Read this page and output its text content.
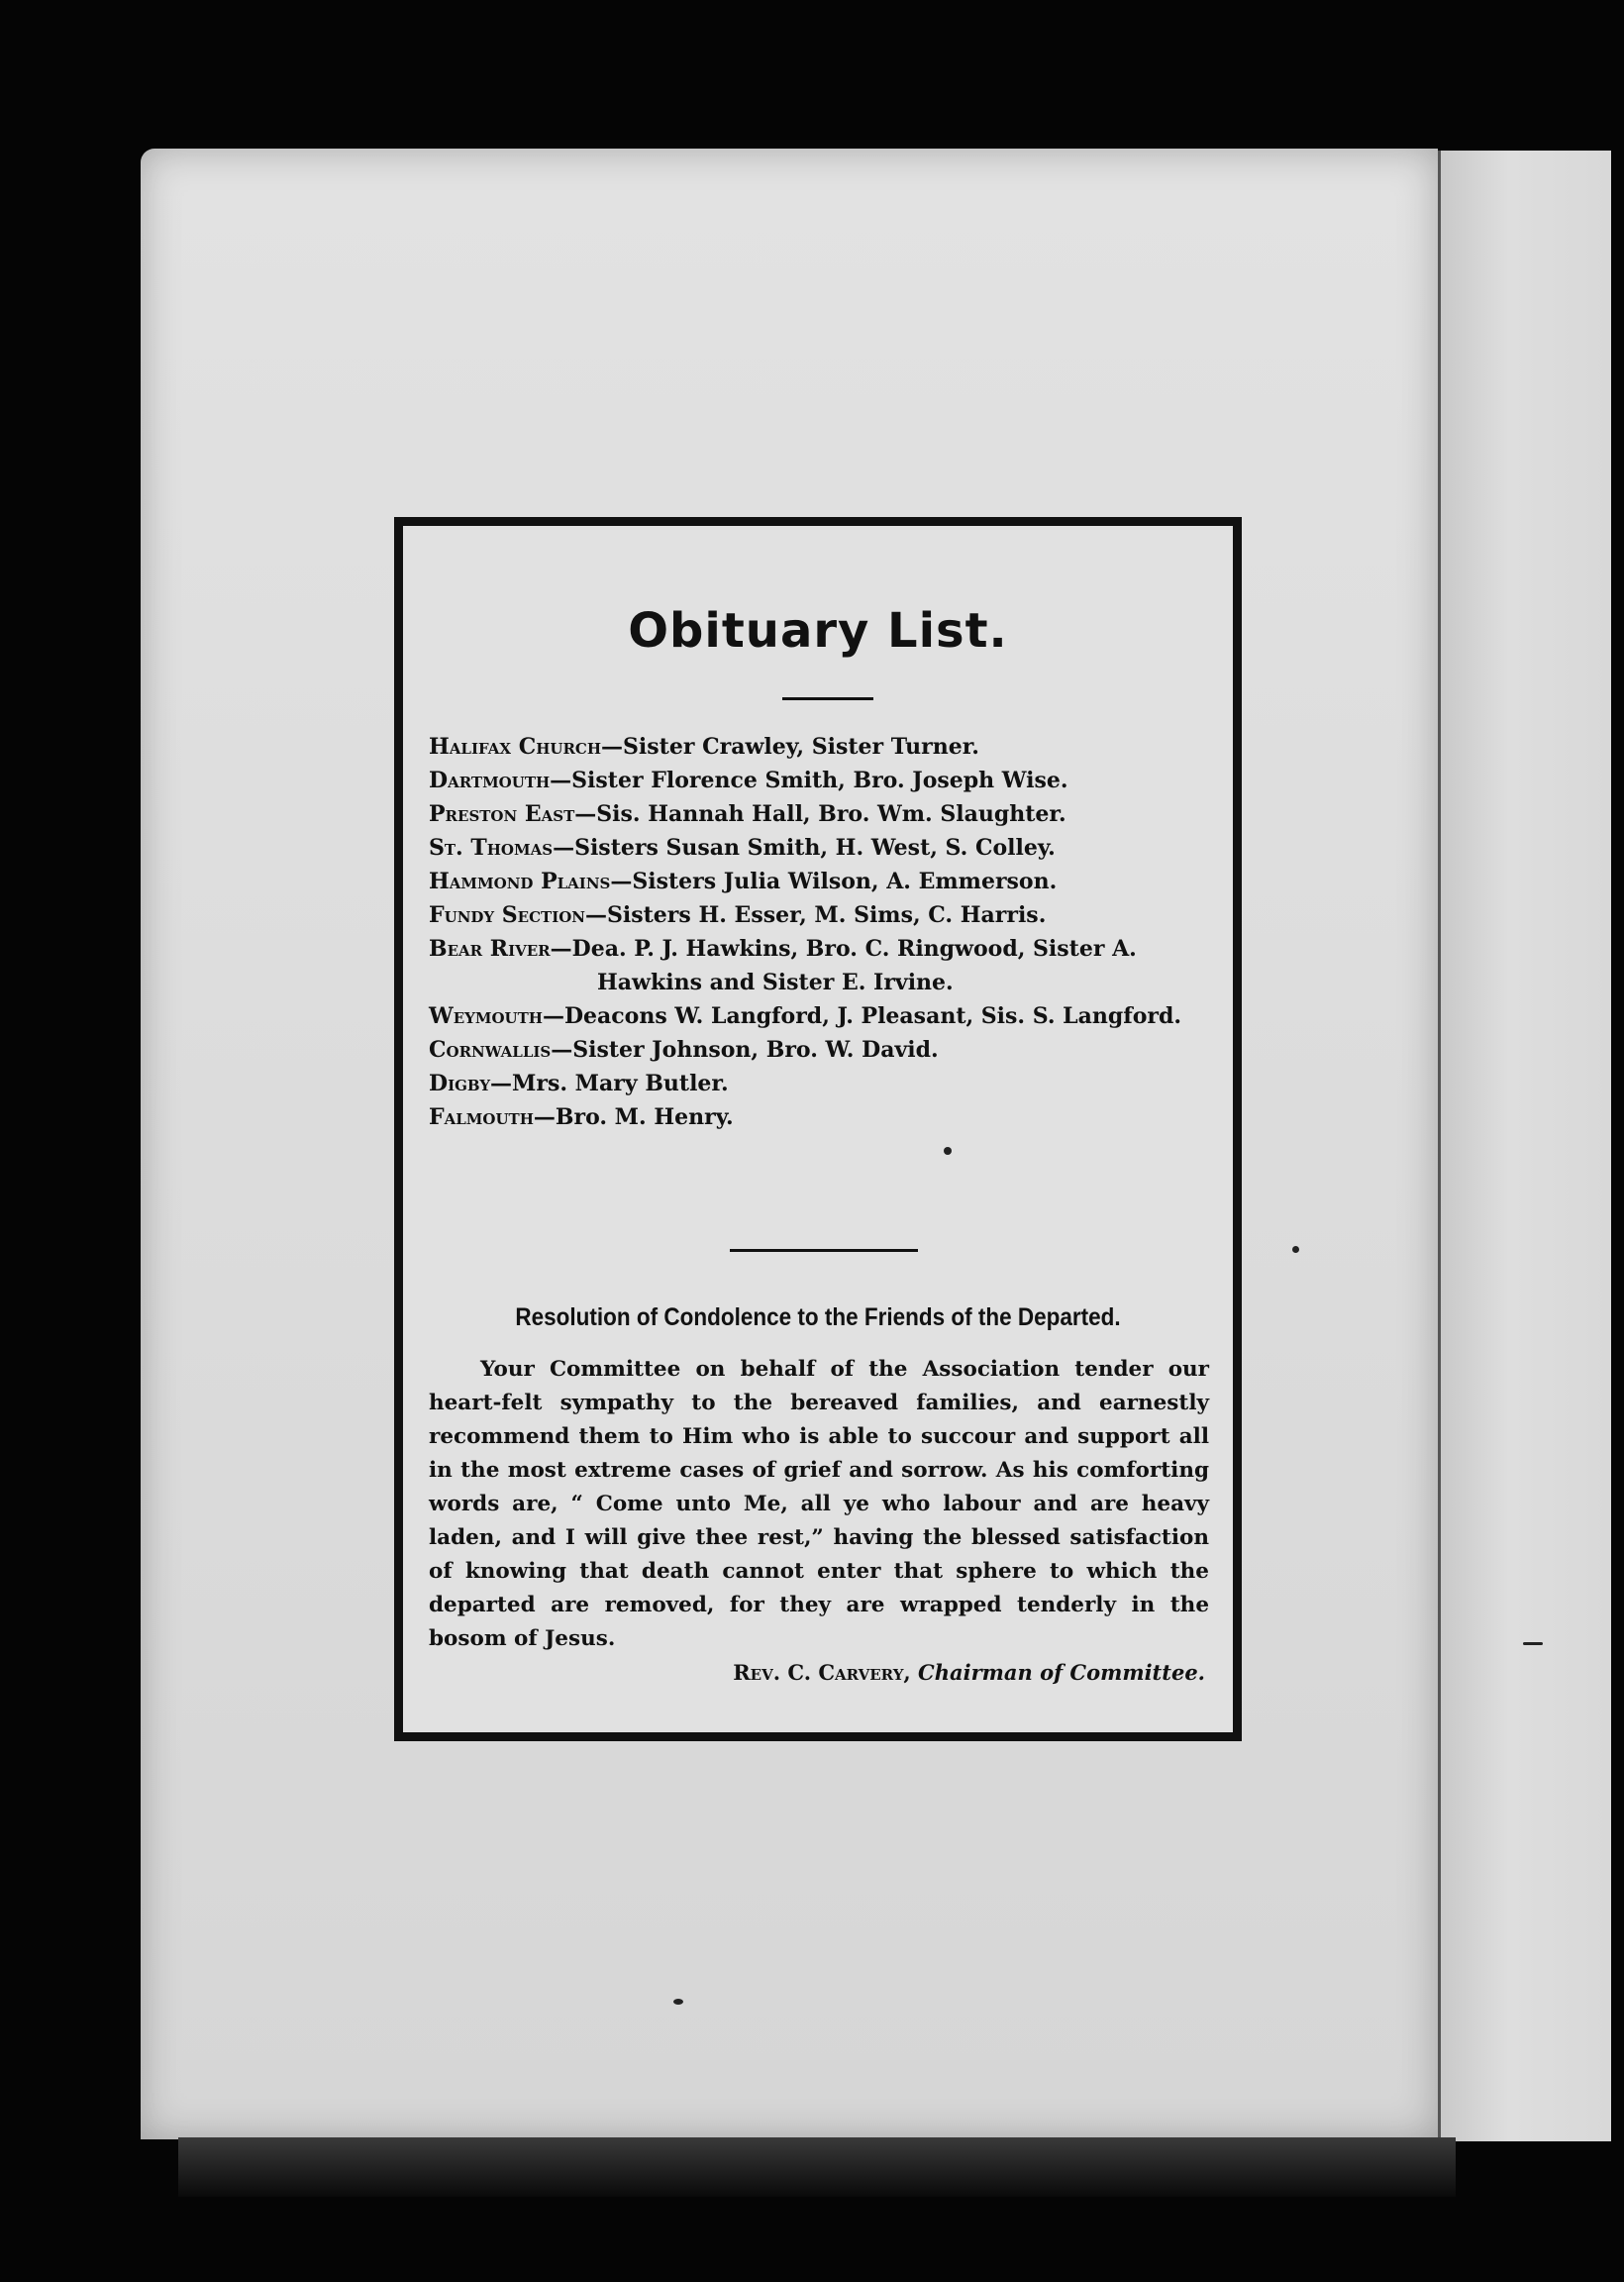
Obituary List.
Halifax Church—Sister Crawley, Sister Turner.
Dartmouth—Sister Florence Smith, Bro. Joseph Wise.
Preston East—Sis. Hannah Hall, Bro. Wm. Slaughter.
St. Thomas—Sisters Susan Smith, H. West, S. Colley.
Hammond Plains—Sisters Julia Wilson, A. Emmerson.
Fundy Section—Sisters H. Esser, M. Sims, C. Harris.
Bear River—Dea. P. J. Hawkins, Bro. C. Ringwood, Sister A.
Hawkins and Sister E. Irvine.
Weymouth—Deacons W. Langford, J. Pleasant, Sis. S. Langford.
Cornwallis—Sister Johnson, Bro. W. David.
Digby—Mrs. Mary Butler.
Falmouth—Bro. M. Henry.
Resolution of Condolence to the Friends of the Departed.
Your Committee on behalf of the Association tender our heart-felt sympathy to the bereaved families, and earnestly recommend them to Him who is able to succour and support all in the most extreme cases of grief and sorrow. As his comforting words are, “ Come unto Me, all ye who labour and are heavy laden, and I will give thee rest,” having the blessed satisfaction of knowing that death cannot enter that sphere to which the departed are removed, for they are wrapped tenderly in the bosom of Jesus.
Rev. C. Carvery, Chairman of Committee.
